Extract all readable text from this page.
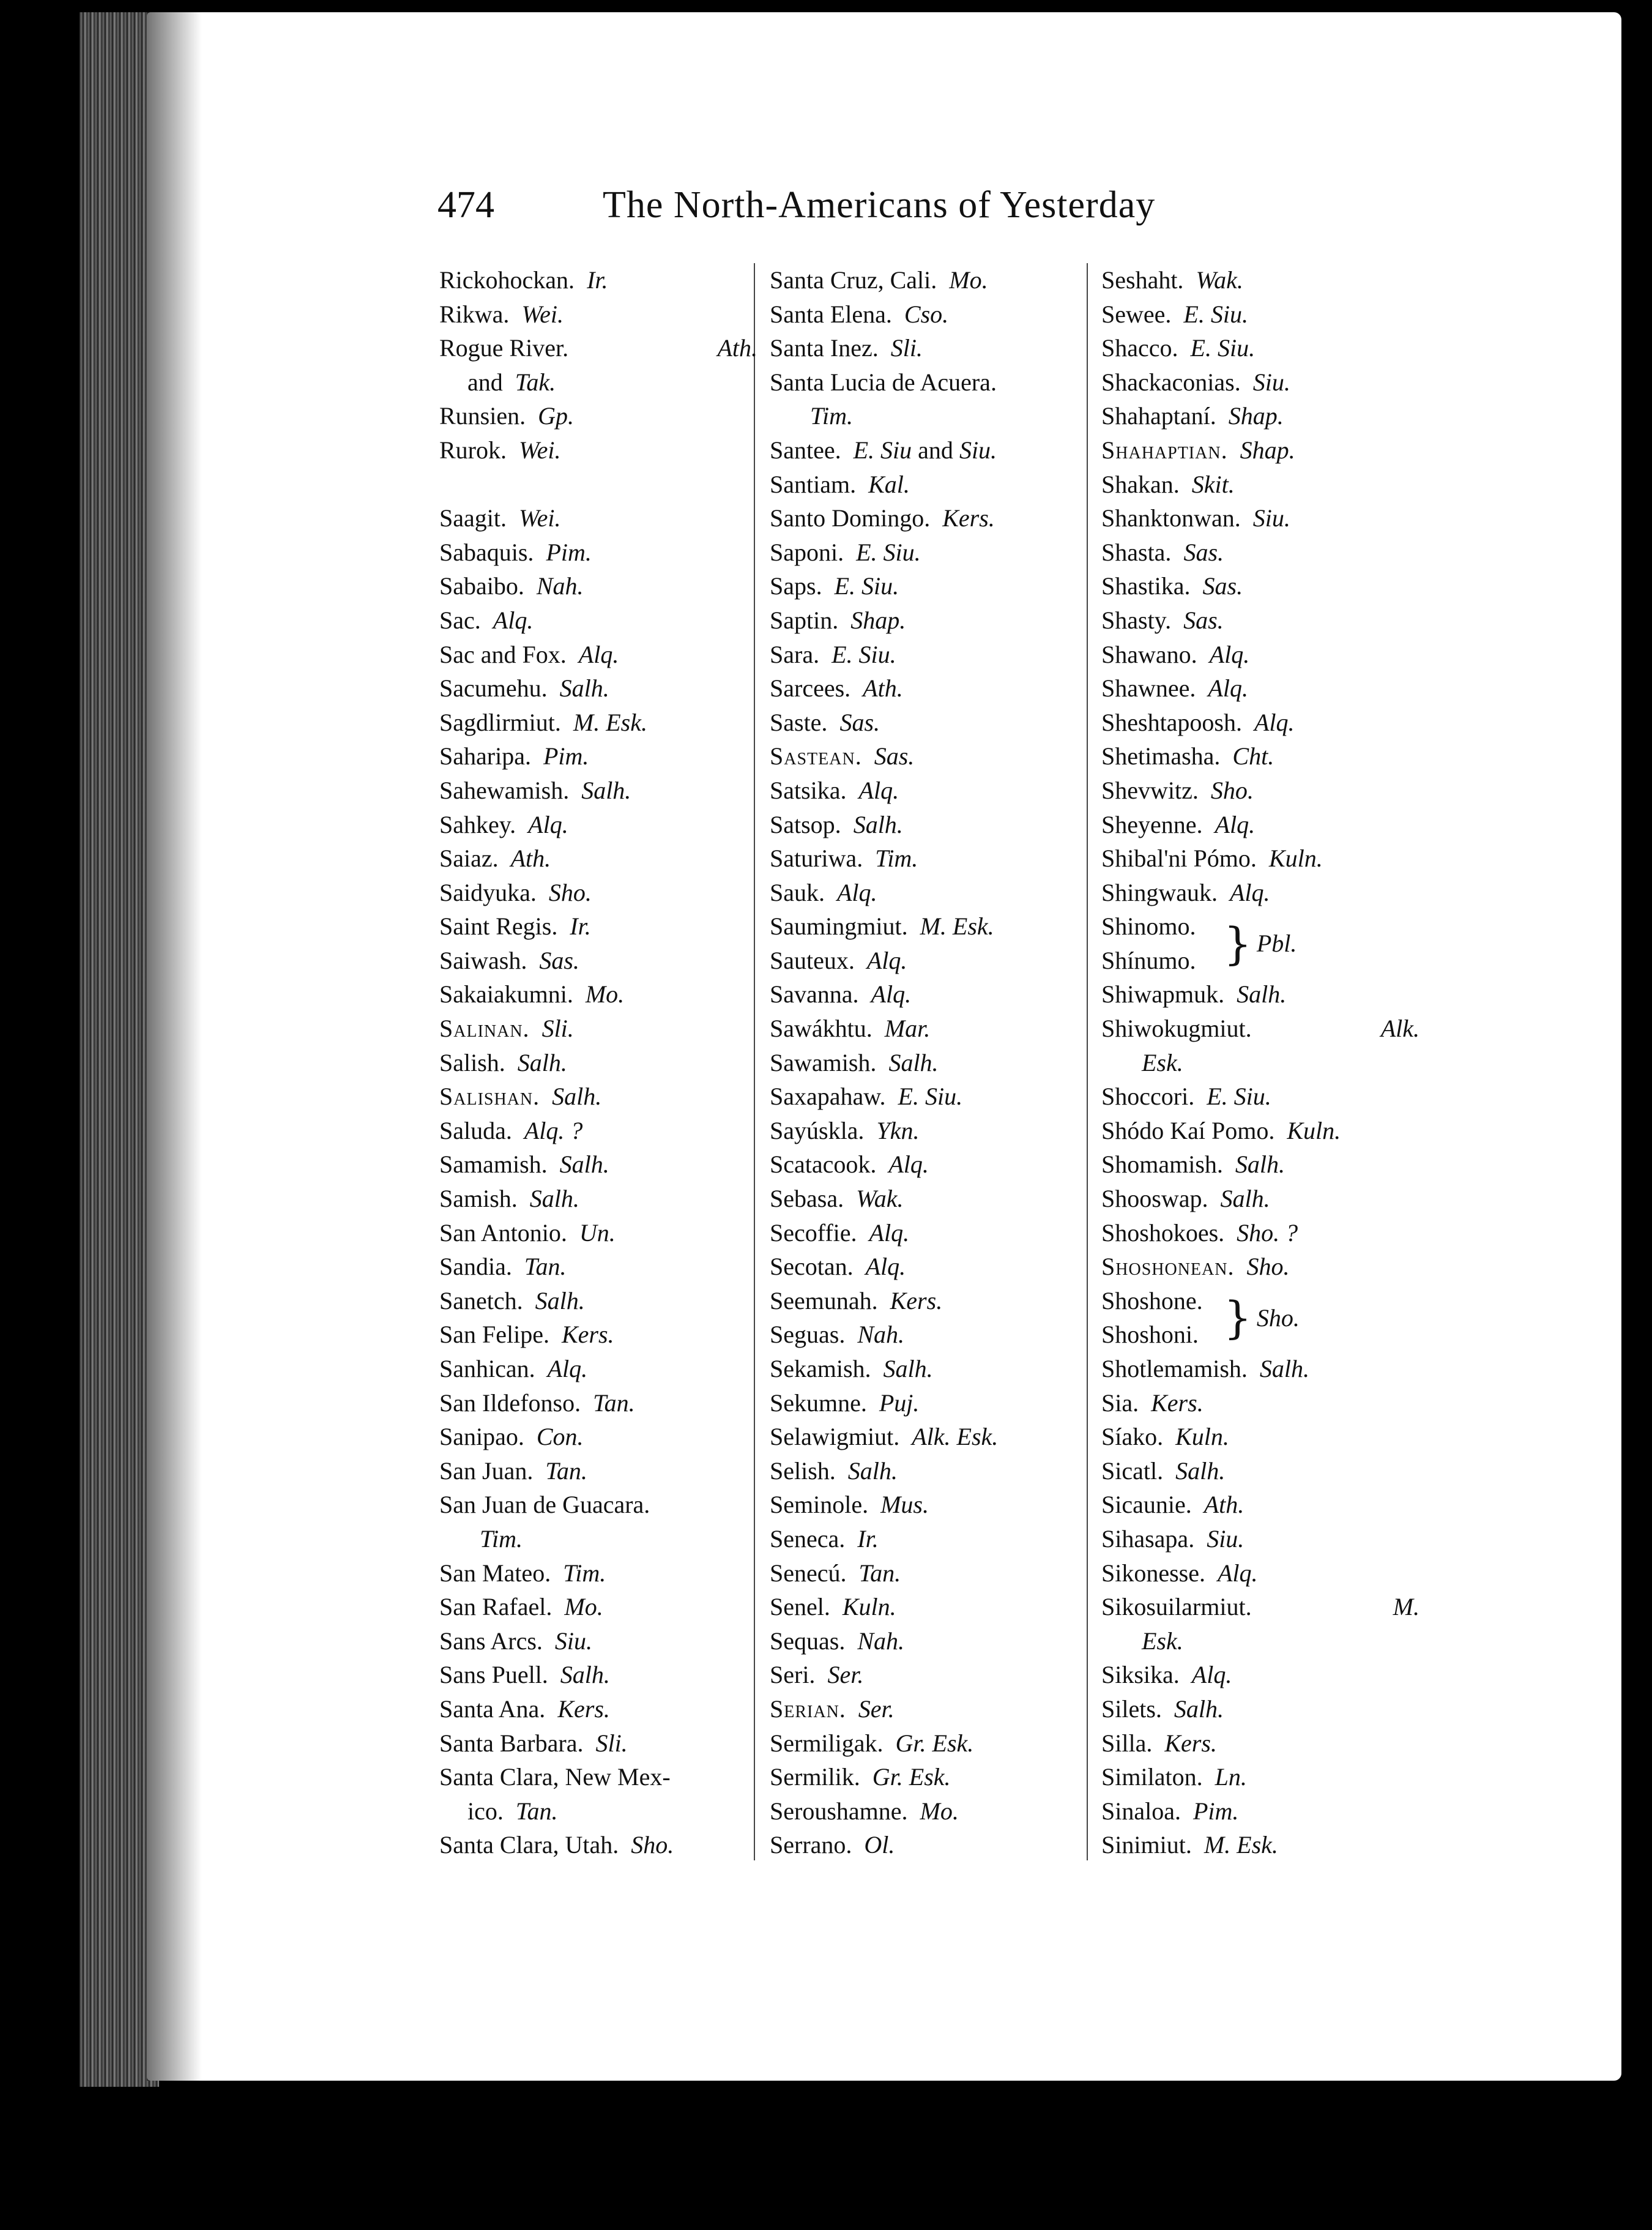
474	The North-Americans of Yesterday
Rickohockan.  Ir.
Rikwa.  Wei.
Rogue River.	Ath.
and  Tak.
Runsien.  Gp.
Rurok.  Wei.
Saagit.  Wei.
Sabaquis.  Pim.
Sabaibo.  Nah.
Sac.  Alq.
Sac and Fox.  Alq.
Sacumehu.  Salh.
Sagdlirmiut.  M. Esk.
Saharipa.  Pim.
Sahewamish.  Salh.
Sahkey.  Alq.
Saiaz.  Ath.
Saidyuka.  Sho.
Saint Regis.  Ir.
Saiwash.  Sas.
Sakaiakumni.  Mo.
Salinan.  Sli.
Salish.  Salh.
Salishan.  Salh.
Saluda.  Alq. ?
Samamish.  Salh.
Samish.  Salh.
San Antonio.  Un.
Sandia.  Tan.
Sanetch.  Salh.
San Felipe.  Kers.
Sanhican.  Alq.
San Ildefonso.  Tan.
Sanipao.  Con.
San Juan.  Tan.
San Juan de Guacara.
 Tim.
San Mateo.  Tim.
San Rafael.  Mo.
Sans Arcs.  Siu.
Sans Puell.  Salh.
Santa Ana.  Kers.
Santa Barbara.  Sli.
Santa Clara, New Mex-
ico.  Tan.
Santa Clara, Utah.  Sho.
Santa Cruz, Cali.  Mo.
Santa Elena.  Cso.
Santa Inez.  Sli.
Santa Lucia de Acuera.
 Tim.
Santee.  E. Siu and Siu.
Santiam.  Kal.
Santo Domingo.  Kers.
Saponi.  E. Siu.
Saps.  E. Siu.
Saptin.  Shap.
Sara.  E. Siu.
Sarcees.  Ath.
Saste.  Sas.
Sastean.  Sas.
Satsika.  Alq.
Satsop.  Salh.
Saturiwa.  Tim.
Sauk.  Alq.
Saumingmiut.  M. Esk.
Sauteux.  Alq.
Savanna.  Alq.
Sawákhtu.  Mar.
Sawamish.  Salh.
Saxapahaw.  E. Siu.
Sayúskla.  Ykn.
Scatacook.  Alq.
Sebasa.  Wak.
Secoffie.  Alq.
Secotan.  Alq.
Seemunah.  Kers.
Seguas.  Nah.
Sekamish.  Salh.
Sekumne.  Puj.
Selawigmiut.  Alk. Esk.
Selish.  Salh.
Seminole.  Mus.
Seneca.  Ir.
Senecú.  Tan.
Senel.  Kuln.
Sequas.  Nah.
Seri.  Ser.
Serian.  Ser.
Sermiligak.  Gr. Esk.
Sermilik.  Gr. Esk.
Seroushamne.  Mo.
Serrano.  Ol.
Seshaht.  Wak.
Sewee.  E. Siu.
Shacco.  E. Siu.
Shackaconias.  Siu.
Shahaptaní.  Shap.
Shahaptian.  Shap.
Shakan.  Skit.
Shanktonwan.  Siu.
Shasta.  Sas.
Shastika.  Sas.
Shasty.  Sas.
Shawano.  Alq.
Shawnee.  Alq.
Sheshtapoosh.  Alq.
Shetimasha.  Cht.
Shevwitz.  Sho.
Sheyenne.  Alq.
Shibal'ni Pómo.  Kuln.
Shingwauk.  Alq.
Shinomo. } Pbl.
Shínumo.
Shiwapmuk.  Salh.
Shiwokugmiut.	Alk.
 Esk.
Shoccori.  E. Siu.
Shódo Kaí Pomo.  Kuln.
Shomamish.  Salh.
Shooswap.  Salh.
Shoshokoes.  Sho. ?
Shoshonean.  Sho.
Shoshone. } Sho.
Shoshoni.
Shotlemamish.  Salh.
Sia.  Kers.
Síako.  Kuln.
Sicatl.  Salh.
Sicaunie.  Ath.
Sihasapa.  Siu.
Sikonesse.  Alq.
Sikosuilarmiut.	M.
 Esk.
Siksika.  Alq.
Silets.  Salh.
Silla.  Kers.
Similaton.  Ln.
Sinaloa.  Pim.
Sinimiut.  M. Esk.
